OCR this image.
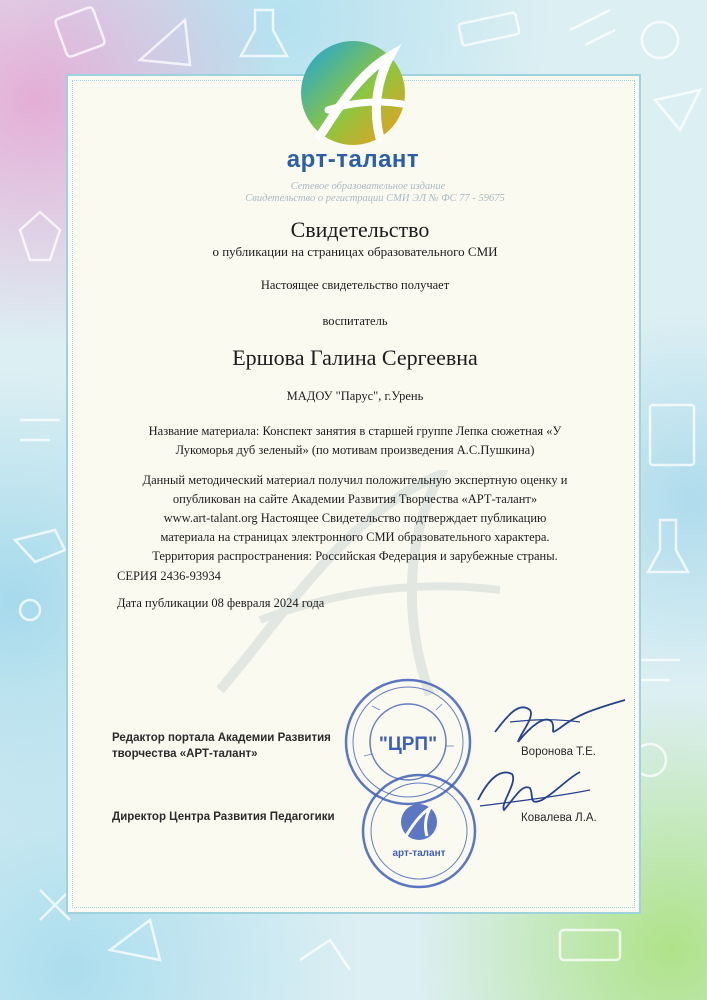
арт-талант
Сетевое образовательное издание
Свидетельство о регистрации СМИ ЭЛ № ФС 77 - 59675
Свидетельство
о публикации на страницах образовательного СМИ
Настоящее свидетельство получает
воспитатель
Ершова Галина Сергеевна
МАДОУ "Парус", г.Урень
Название материала: Конспект занятия в старшей группе Лепка сюжетная «У
Лукоморья дуб зеленый» (по мотивам произведения А.С.Пушкина)
Данный методический материал получил положительную экспертную оценку и
опубликован на сайте Академии Развития Творчества «АРТ-талант»
www.art-talant.org Настоящее Свидетельство подтверждает публикацию
материала на страницах электронного СМИ образовательного характера.
Территория распространения: Российская Федерация и зарубежные страны.
СЕРИЯ 2436-93934
Дата публикации 08 февраля 2024 года
Редактор портала Академии Развития
творчества «АРТ-талант»	Воронова Т.Е.
Директор Центра Развития Педагогики	Ковалева Л.А.
"ЦРП"
арт-талант
